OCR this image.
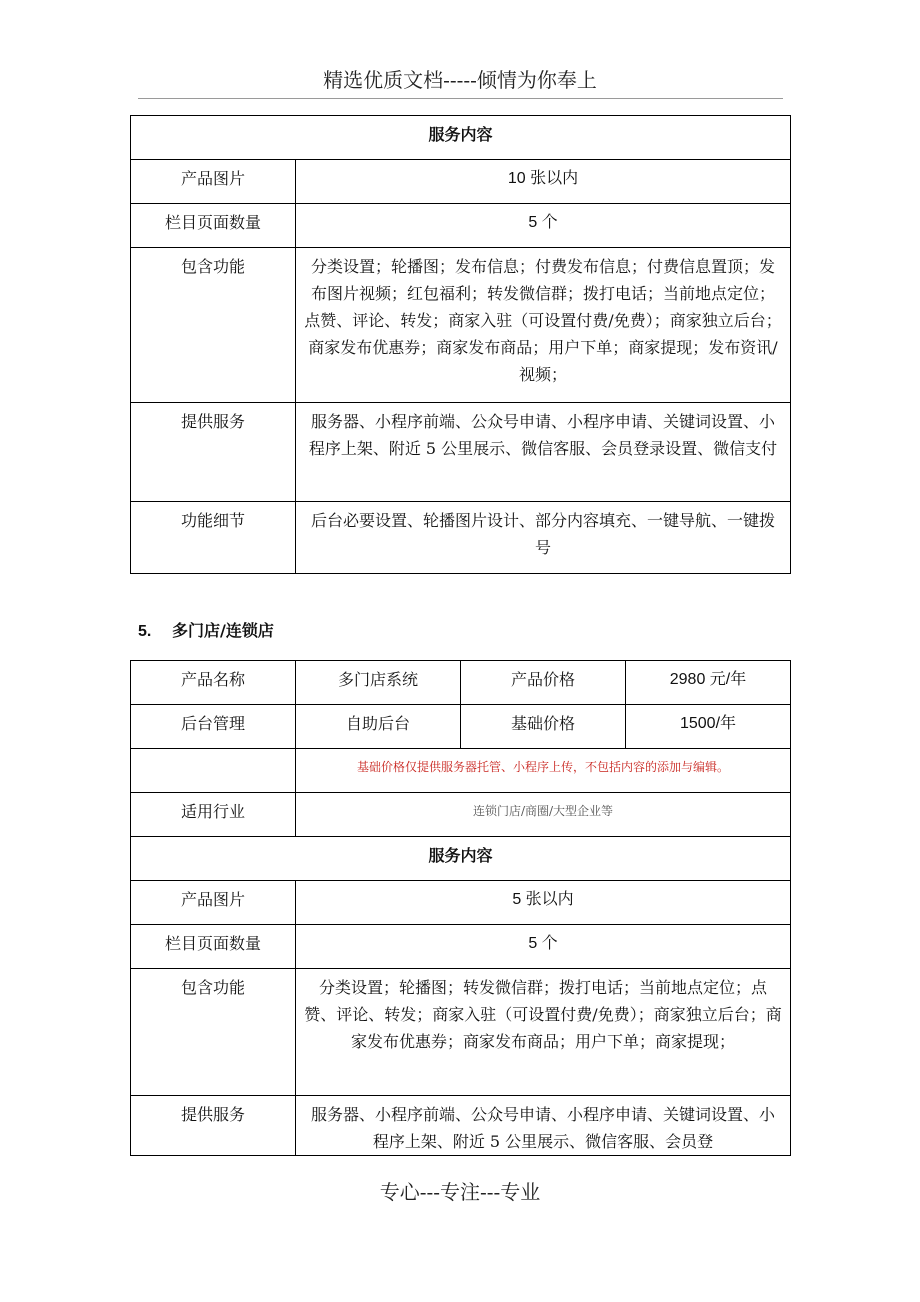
精选优质文档-----倾情为你奉上
服务内容	
产品图片	10 张以内
栏目页面数量	5 个
包含功能	分类设置；轮播图；发布信息；付费发布信息；付费信息置顶；发布图片视频；红包福利；转发微信群；拨打电话；当前地点定位；点赞、评论、转发；商家入驻（可设置付费/免费）；商家独立后台；商家发布优惠券；商家发布商品；用户下单；商家提现；发布资讯/视频；
提供服务	服务器、小程序前端、公众号申请、小程序申请、关键词设置、小程序上架、附近 5 公里展示、微信客服、会员登录设置、微信支付
功能细节	后台必要设置、轮播图片设计、部分内容填充、一键导航、一键拨号
5. 多门店/连锁店
产品名称	多门店系统	产品价格	2980 元/年
后台管理	自助后台	基础价格	1500/年
	基础价格仅提供服务器托管、小程序上传，不包括内容的添加与编辑。		
适用行业	连锁门店/商圈/大型企业等		
服务内容			
产品图片	5 张以内		
栏目页面数量	5 个		
包含功能	分类设置；轮播图；转发微信群；拨打电话；当前地点定位；点赞、评论、转发；商家入驻（可设置付费/免费）；商家独立后台；商家发布优惠券；商家发布商品；用户下单；商家提现；		
提供服务	服务器、小程序前端、公众号申请、小程序申请、关键词设置、小程序上架、附近 5 公里展示、微信客服、会员登		
专心---专注---专业
